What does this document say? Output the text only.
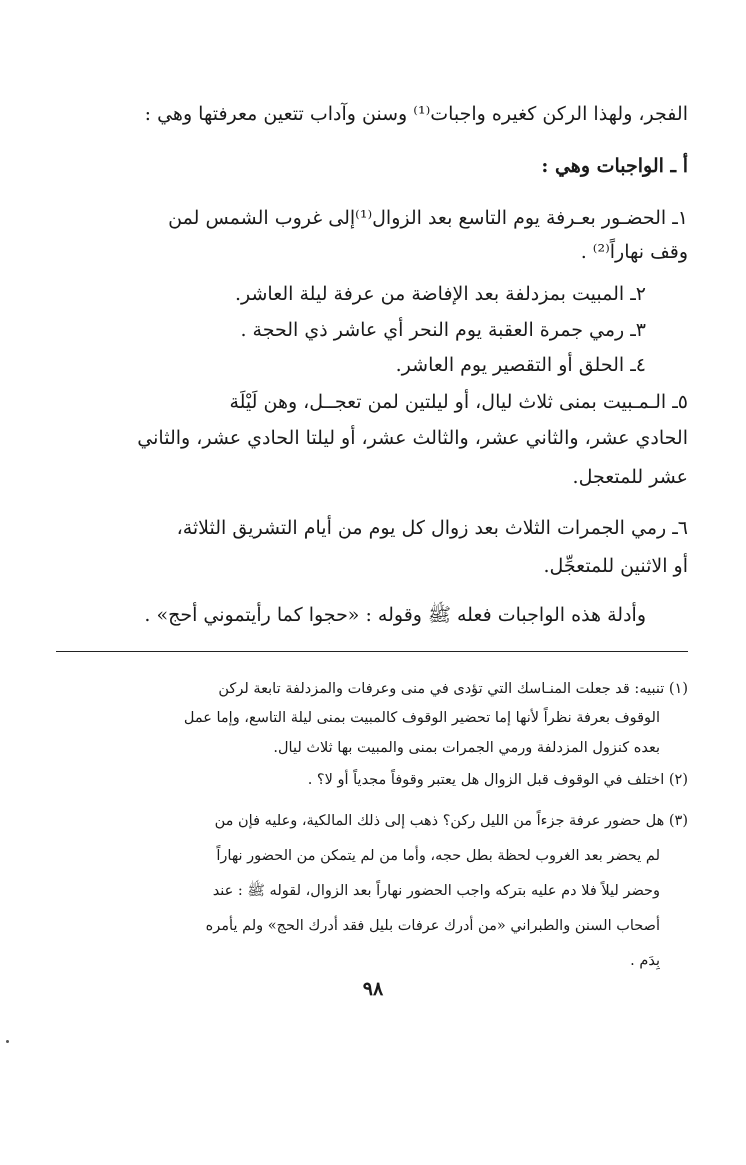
الفجر، ولهذا الركن كغيره واجبات⁽¹⁾ وسنن وآداب تتعين معرفتها وهي :
أ ـ الواجبات وهي :
١ـ الحضـور بعـرفة يوم التاسع بعد الزوال⁽¹⁾إلى غروب الشمس لمن
وقف نهاراً⁽²⁾ .
٢ـ المبيت بمزدلفة بعد الإفاضة من عرفة ليلة العاشر.
٣ـ رمي جمرة العقبة يوم النحر أي عاشر ذي الحجة .
٤ـ الحلق أو التقصير يوم العاشر.
٥ـ الـمـبيت بمنى ثلاث ليال، أو ليلتين لمن تعجــل، وهن لَيْلَة
الحادي عشر، والثاني عشر، والثالث عشر، أو ليلتا الحادي عشر، والثاني
عشر للمتعجل.
٦ـ رمي الجمرات الثلاث بعد زوال كل يوم من أيام التشريق الثلاثة،
أو الاثنين للمتعجِّل.
وأدلة هذه الواجبات فعله ﷺ وقوله : «حجوا كما رأيتموني أحج» .
(١) تنبيه: قد جعلت المنـاسك التي تؤدى في منى وعرفات والمزدلفة تابعة لركن
الوقوف بعرفة نظراً لأنها إما تحضير الوقوف كالمبيت بمنى ليلة التاسع، وإما عمل
بعده كنزول المزدلفة ورمي الجمرات بمنى والمبيت بها ثلاث ليال.
(٢) اختلف في الوقوف قبل الزوال هل يعتبر وقوفاً مجدياً أو لا؟ .
(٣) هل حضور عرفة جزءاً من الليل ركن؟ ذهب إلى ذلك المالكية، وعليه فإن من
لم يحضر بعد الغروب لحظة بطل حجه، وأما من لم يتمكن من الحضور نهاراً
وحضر ليلاً فلا دم عليه بتركه واجب الحضور نهاراً بعد الزوال، لقوله ﷺ : عند
أصحاب السنن والطبراني «من أدرك عرفات بليل فقد أدرك الحج» ولم يأمره
بِدَم .
٩٨
